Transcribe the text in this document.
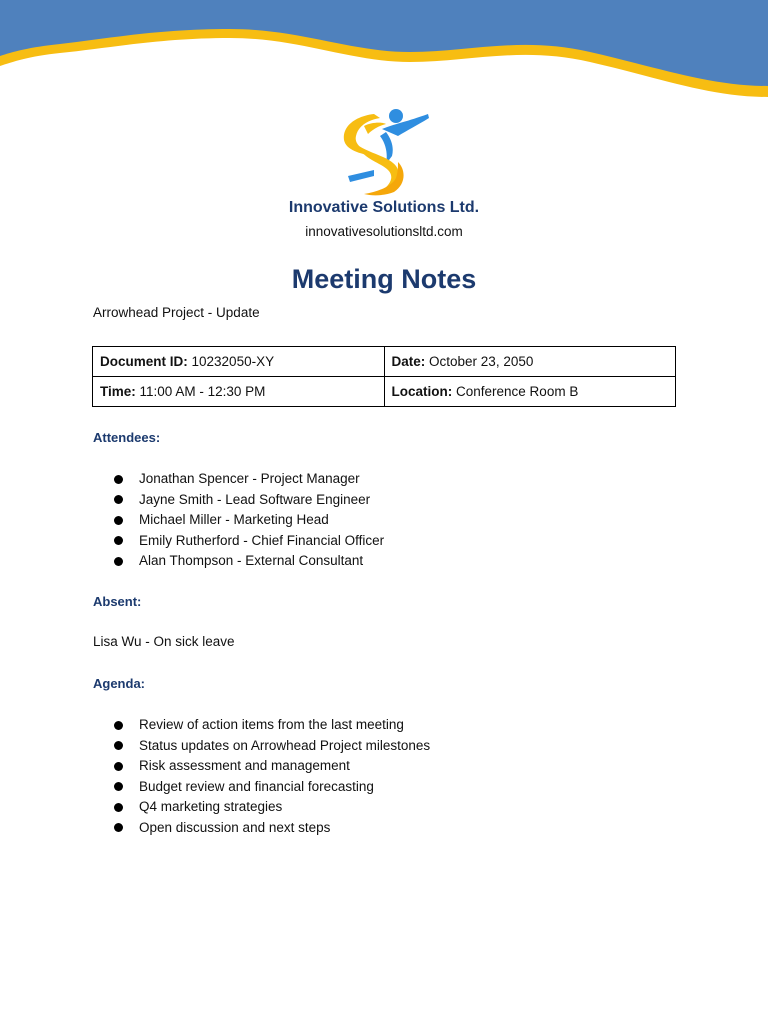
Innovative Solutions Ltd.
innovativesolutionsltd.com
Meeting Notes
Arrowhead Project - Update
Document ID: 10232050-XY	Date: October 23, 2050
Time: 11:00 AM - 12:30 PM	Location: Conference Room B
Attendees:
Jonathan Spencer - Project Manager
Jayne Smith - Lead Software Engineer
Michael Miller - Marketing Head
Emily Rutherford - Chief Financial Officer
Alan Thompson - External Consultant
Absent:
Lisa Wu - On sick leave
Agenda:
Review of action items from the last meeting
Status updates on Arrowhead Project milestones
Risk assessment and management
Budget review and financial forecasting
Q4 marketing strategies
Open discussion and next steps
